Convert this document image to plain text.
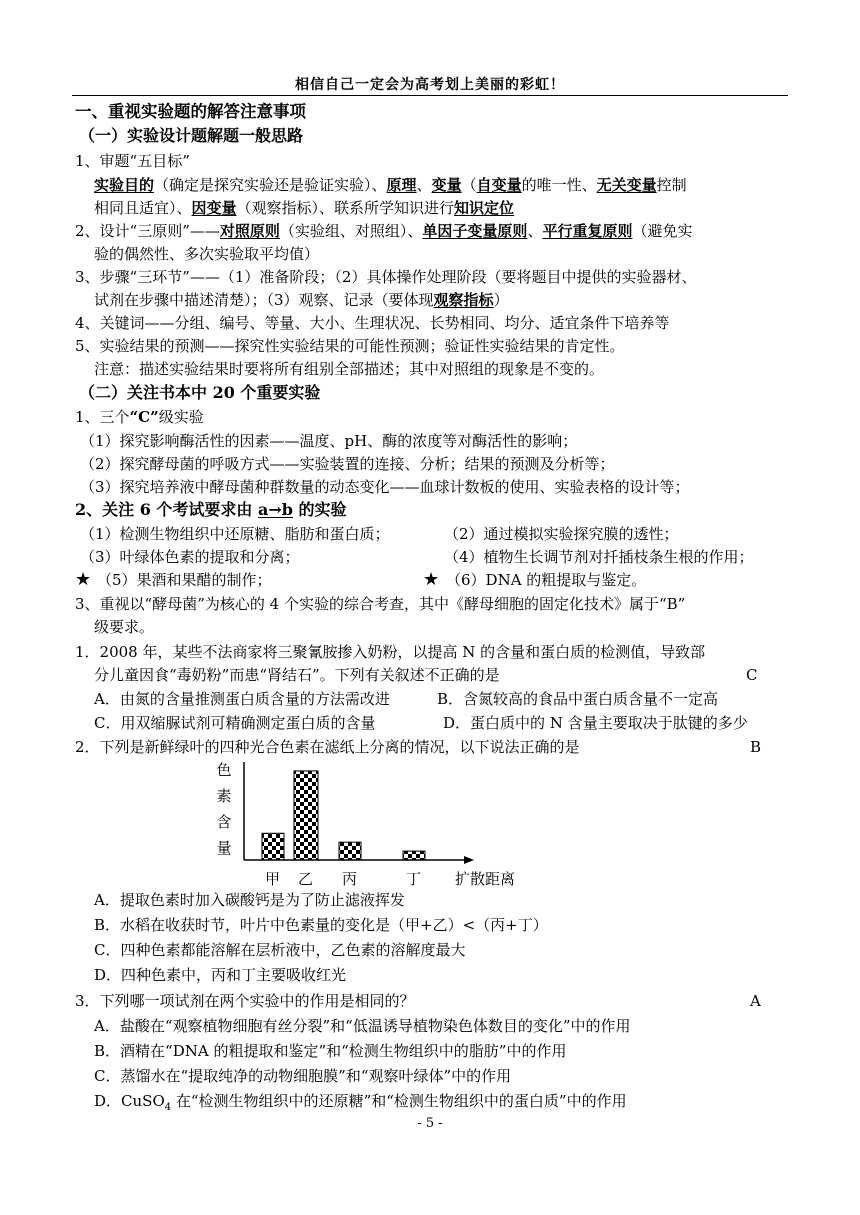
相信自己一定会为高考划上美丽的彩虹！
一、重视实验题的解答注意事项
（一）实验设计题解题一般思路
1、审题“五目标”
实验目的（确定是探究实验还是验证实验）、原理、变量（自变量的唯一性、无关变量控制
相同且适宜）、因变量（观察指标）、联系所学知识进行知识定位
2、设计“三原则”——对照原则（实验组、对照组）、单因子变量原则、平行重复原则（避免实
验的偶然性、多次实验取平均值）
3、步骤“三环节”——（1）准备阶段；（2）具体操作处理阶段（要将题目中提供的实验器材、
试剂在步骤中描述清楚）；（3）观察、记录（要体现观察指标）
4、关键词——分组、编号、等量、大小、生理状况、长势相同、均分、适宜条件下培养等
5、实验结果的预测——探究性实验结果的可能性预测；验证性实验结果的肯定性。
注意：描述实验结果时要将所有组别全部描述；其中对照组的现象是不变的。
（二）关注书本中 20 个重要实验
1、三个“C”级实验
（1）探究影响酶活性的因素——温度、pH、酶的浓度等对酶活性的影响；
（2）探究酵母菌的呼吸方式——实验装置的连接、分析；结果的预测及分析等；
（3）探究培养液中酵母菌种群数量的动态变化——血球计数板的使用、实验表格的设计等；
2、关注 6 个考试要求由 a→b 的实验
（1）检测生物组织中还原糖、脂肪和蛋白质；	（2）通过模拟实验探究膜的透性；
（3）叶绿体色素的提取和分离；	（4）植物生长调节剂对扦插枝条生根的作用；
★ （5）果酒和果醋的制作；	★ （6）DNA 的粗提取与鉴定。
3、重视以“酵母菌”为核心的 4 个实验的综合考查，其中《酵母细胞的固定化技术》属于“B”
级要求。
1．2008 年，某些不法商家将三聚氰胺掺入奶粉，以提高 N 的含量和蛋白质的检测值，导致部
分儿童因食“毒奶粉”而患“肾结石”。下列有关叙述不正确的是	C
A．由氮的含量推测蛋白质含量的方法需改进	B．含氮较高的食品中蛋白质含量不一定高
C．用双缩脲试剂可精确测定蛋白质的含量	D．蛋白质中的 N 含量主要取决于肽键的多少
2．下列是新鲜绿叶的四种光合色素在滤纸上分离的情况，以下说法正确的是	B
色
素
含
量
甲 乙 丙	丁 扩散距离
A．提取色素时加入碳酸钙是为了防止滤液挥发
B．水稻在收获时节，叶片中色素量的变化是（甲+乙）<（丙+丁）
C．四种色素都能溶解在层析液中，乙色素的溶解度最大
D．四种色素中，丙和丁主要吸收红光
3．下列哪一项试剂在两个实验中的作用是相同的？	A
A．盐酸在“观察植物细胞有丝分裂”和“低温诱导植物染色体数目的变化”中的作用
B．酒精在“DNA 的粗提取和鉴定”和“检测生物组织中的脂肪”中的作用
C．蒸馏水在“提取纯净的动物细胞膜”和“观察叶绿体”中的作用
D．CuSO$_4$ 在“检测生物组织中的还原糖”和“检测生物组织中的蛋白质”中的作用
- 5 -
